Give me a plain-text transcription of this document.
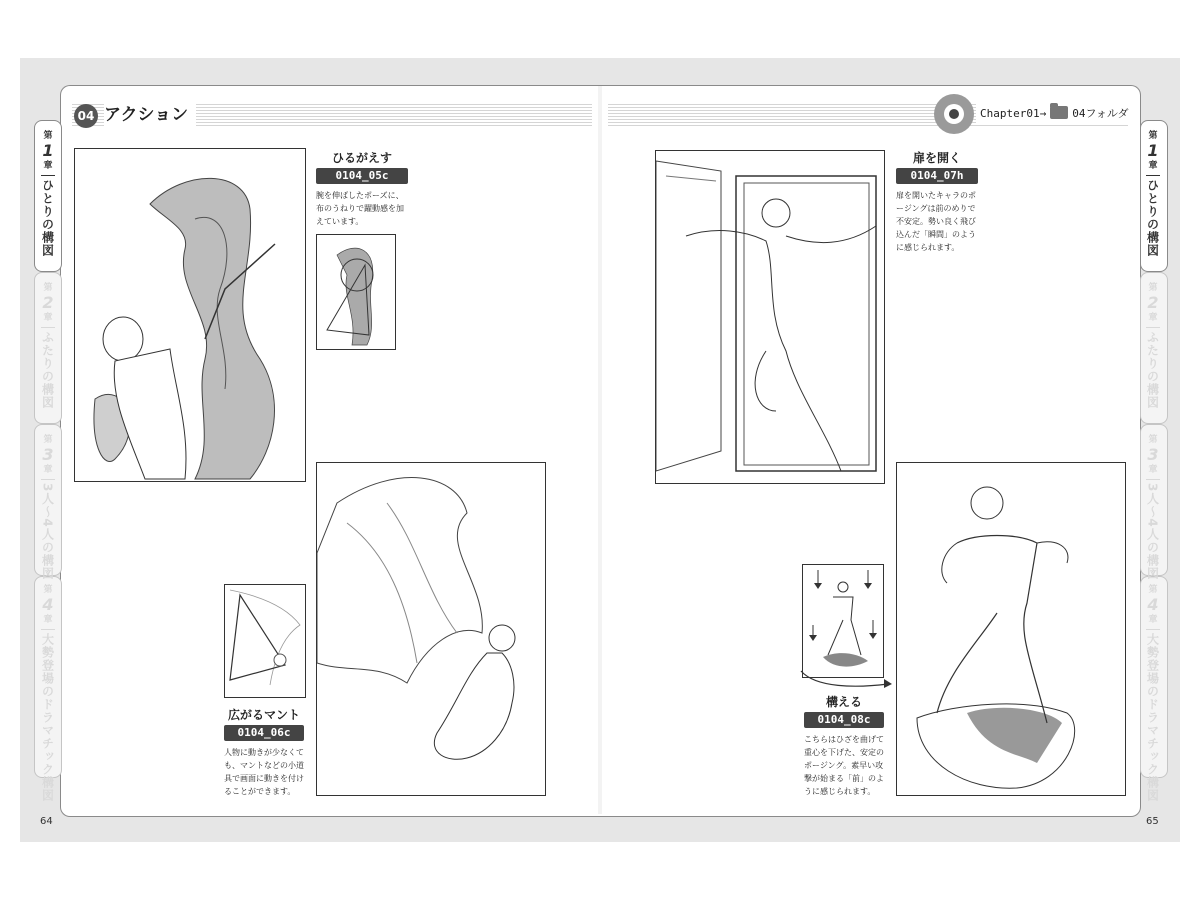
04 アクション	Chapter01→ 04フォルダ
第
1
章
ひとりの構図
第
2
章
ふたりの構図
第
3
章
3人〜4人の構図
第
4
章
大勢登場のドラマチック構図
第
1
章
ひとりの構図
第
2
章
ふたりの構図
第
3
章
3人〜4人の構図
第
4
章
大勢登場のドラマチック構図
ひるがえす
0104_05c
腕を伸ばしたポーズに、布のうねりで躍動感を加えています。
広がるマント
0104_06c
人物に動きが少なくても、マントなどの小道具で画面に動きを付けることができます。
扉を開く
0104_07h
扉を開いたキャラのポージングは前のめりで不安定。勢い良く飛び込んだ「瞬間」のように感じられます。
構える
0104_08c
こちらはひざを曲げて重心を下げた、安定のポージング。素早い攻撃が始まる「前」のように感じられます。
64	65
